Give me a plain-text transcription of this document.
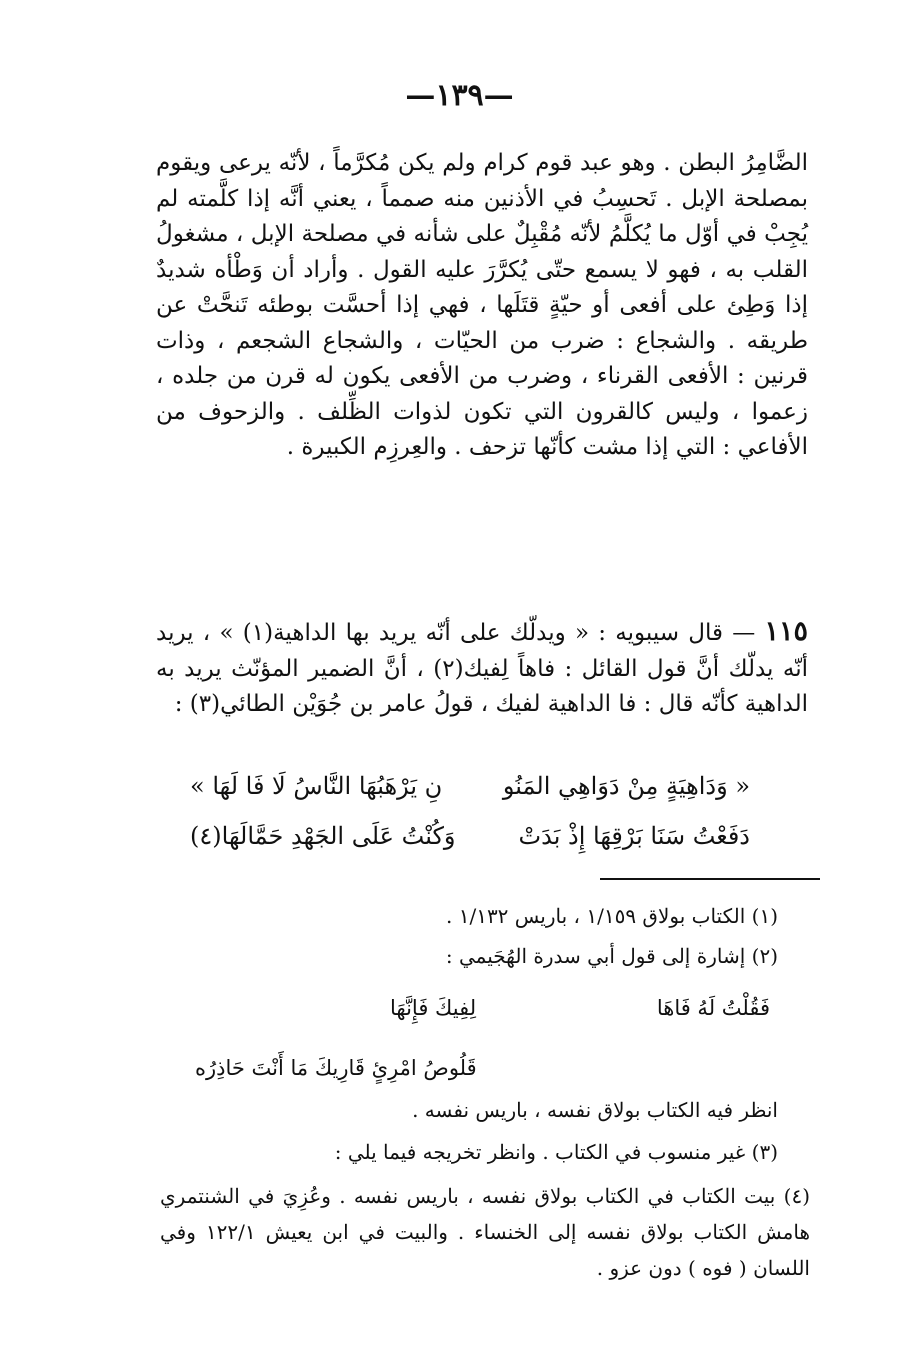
—١٣٩—
الضَّامِرُ البطن . وهو عبد قوم كرام ولم يكن مُكرَّماً ، لأنّه يرعى ويقوم بمصلحة الإبل . تَحسِبُ في الأذنين منه صمماً ، يعني أنَّه إذا كلَّمته لم يُجِبْ في أوّل ما يُكلَّمُ لأنّه مُقْبِلٌ على شأنه في مصلحة الإبل ، مشغولُ القلب به ، فهو لا يسمع حتّى يُكرَّرَ عليه القول . وأراد أن وَطْأه شديدٌ إذا وَطِئ على أفعى أو حيّةٍ قتَلَها ، فهي إذا أحسَّت بوطئه تَنحَّتْ عن طريقه . والشجاع : ضرب من الحيّات ، والشجاع الشجعم ، وذات قرنين : الأفعى القرناء ، وضرب من الأفعى يكون له قرن من جلده ، زعموا ، وليس كالقرون التي تكون لذوات الظِّلف . والزحوف من الأفاعي : التي إذا مشت كأنّها تزحف . والعِرزِم الكبيرة .
١١٥ — قال سيبويه : « ويدلّك على أنّه يريد بها الداهية(١) » ، يريد أنّه يدلّك أنَّ قول القائل : فاهاً لِفيك(٢) ، أنَّ الضمير المؤنّث يريد به الداهية كأنّه قال : فا الداهية لفيك ، قولُ عامر بن جُوَيْن الطائي(٣) :
« وَدَاهِيَةٍ مِنْ دَوَاهِي المَنُو
نِ يَرْهَبُهَا النَّاسُ لَا فَا لَهَا »
دَفَعْتُ سَنَا بَرْقِهَا إِذْ بَدَتْ
وَكُنْتُ عَلَى الجَهْدِ حَمَّالَهَا(٤)
(١) الكتاب بولاق ١/١٥٩ ، باريس ١/١٣٢ .
(٢) إشارة إلى قول أبي سدرة الهُجَيمي :
فَقُلْتُ لَهُ فَاهَا
لِفِيكَ فَإِنَّهَا
قَلُوصُ امْرِئٍ قَارِيكَ مَا أَنْتَ حَاذِرُه
انظر فيه الكتاب بولاق نفسه ، باريس نفسه .
(٣) غير منسوب في الكتاب . وانظر تخريجه فيما يلي :
(٤) بيت الكتاب في الكتاب بولاق نفسه ، باريس نفسه . وعُزِيَ في الشنتمري هامش الكتاب بولاق نفسه إلى الخنساء . والبيت في ابن يعيش ١٢٢/١ وفي اللسان ( فوه ) دون عزو .
